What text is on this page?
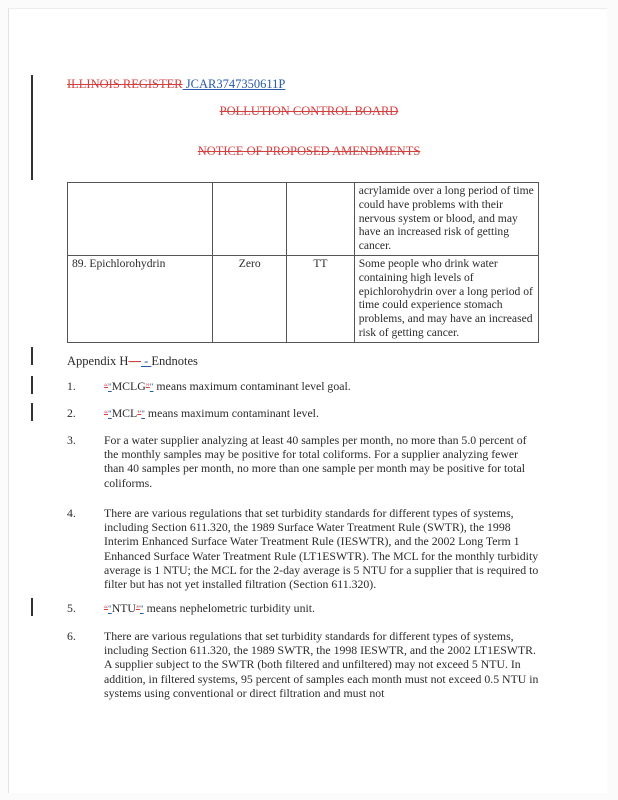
ILLINOIS REGISTER JCAR3747350611P
POLLUTION CONTROL BOARD
NOTICE OF PROPOSED AMENDMENTS
			acrylamide over a long period of time could have problems with their nervous system or blood, and may have an increased risk of getting cancer.
89. Epichlorohydrin	Zero	TT	Some people who drink water containing high levels of epichlorohydrin over a long period of time could experience stomach problems, and may have an increased risk of getting cancer.
Appendix H— - Endnotes
1.	“"MCLG”" means maximum contaminant level goal.
2.	“"MCL”" means maximum contaminant level.
3. For a water supplier analyzing at least 40 samples per month, no more than 5.0 percent of the monthly samples may be positive for total coliforms. For a supplier analyzing fewer than 40 samples per month, no more than one sample per month may be positive for total coliforms.
4. There are various regulations that set turbidity standards for different types of systems, including Section 611.320, the 1989 Surface Water Treatment Rule (SWTR), the 1998 Interim Enhanced Surface Water Treatment Rule (IESWTR), and the 2002 Long Term 1 Enhanced Surface Water Treatment Rule (LT1ESWTR). The MCL for the monthly turbidity average is 1 NTU; the MCL for the 2-day average is 5 NTU for a supplier that is required to filter but has not yet installed filtration (Section 611.320).
5.	“"NTU”" means nephelometric turbidity unit.
6. There are various regulations that set turbidity standards for different types of systems, including Section 611.320, the 1989 SWTR, the 1998 IESWTR, and the 2002 LT1ESWTR. A supplier subject to the SWTR (both filtered and unfiltered) may not exceed 5 NTU. In addition, in filtered systems, 95 percent of samples each month must not exceed 0.5 NTU in systems using conventional or direct filtration and must not
